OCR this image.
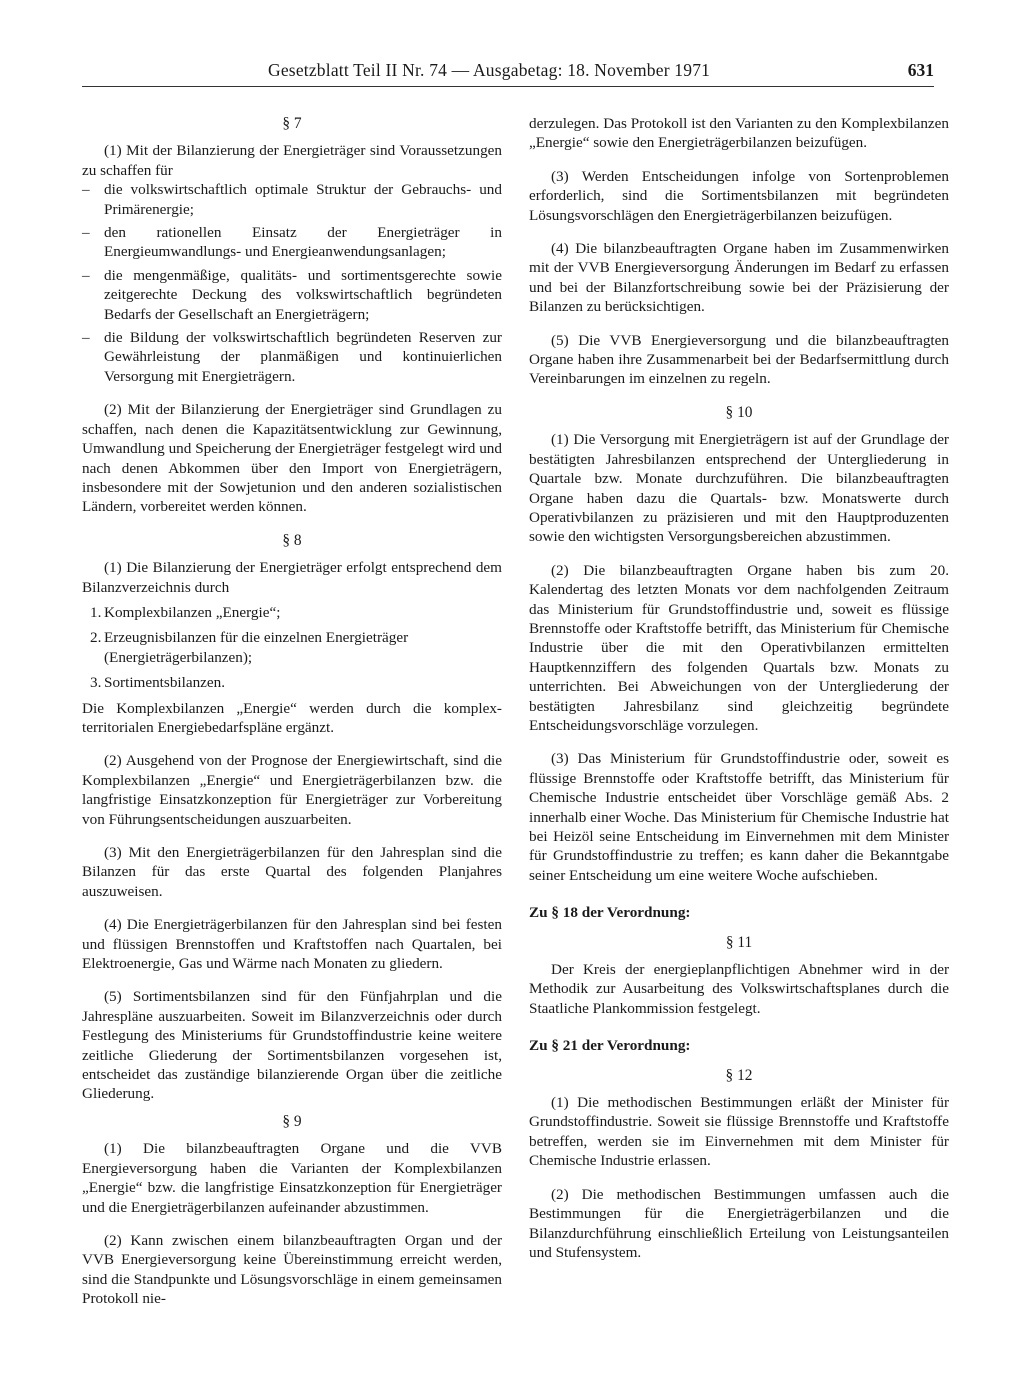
Gesetzblatt Teil II Nr. 74 — Ausgabetag: 18. November 1971	631
§ 7

(1) Mit der Bilanzierung der Energieträger sind Voraussetzungen zu schaffen für

– die volkswirtschaftlich optimale Struktur der Gebrauchs- und Primärenergie;
– den rationellen Einsatz der Energieträger in Energieumwandlungs- und Energieanwendungsanlagen;
– die mengenmäßige, qualitäts- und sortimentsgerechte sowie zeitgerechte Deckung des volkswirtschaftlich begründeten Bedarfs der Gesellschaft an Energieträgern;
– die Bildung der volkswirtschaftlich begründeten Reserven zur Gewährleistung der planmäßigen und kontinuierlichen Versorgung mit Energieträgern.

(2) Mit der Bilanzierung der Energieträger sind Grundlagen zu schaffen, nach denen die Kapazitätsentwicklung zur Gewinnung, Umwandlung und Speicherung der Energieträger festgelegt wird und nach denen Abkommen über den Import von Energieträgern, insbesondere mit der Sowjetunion und den anderen sozialistischen Ländern, vorbereitet werden können.

§ 8

(1) Die Bilanzierung der Energieträger erfolgt entsprechend dem Bilanzverzeichnis durch

1. Komplexbilanzen „Energie“;
2. Erzeugnisbilanzen für die einzelnen Energieträger (Energieträgerbilanzen);
3. Sortimentsbilanzen.

Die Komplexbilanzen „Energie“ werden durch die komplex-territorialen Energiebedarfspläne ergänzt.

(2) Ausgehend von der Prognose der Energiewirtschaft, sind die Komplexbilanzen „Energie“ und Energieträgerbilanzen bzw. die langfristige Einsatzkonzeption für Energieträger zur Vorbereitung von Führungsentscheidungen auszuarbeiten.

(3) Mit den Energieträgerbilanzen für den Jahresplan sind die Bilanzen für das erste Quartal des folgenden Planjahres auszuweisen.

(4) Die Energieträgerbilanzen für den Jahresplan sind bei festen und flüssigen Brennstoffen und Kraftstoffen nach Quartalen, bei Elektroenergie, Gas und Wärme nach Monaten zu gliedern.

(5) Sortimentsbilanzen sind für den Fünfjahrplan und die Jahrespläne auszuarbeiten. Soweit im Bilanzverzeichnis oder durch Festlegung des Ministeriums für Grundstoffindustrie keine weitere zeitliche Gliederung der Sortimentsbilanzen vorgesehen ist, entscheidet das zuständige bilanzierende Organ über die zeitliche Gliederung.

§ 9

(1) Die bilanzbeauftragten Organe und die VVB Energieversorgung haben die Varianten der Komplexbilanzen „Energie“ bzw. die langfristige Einsatzkonzeption für Energieträger und die Energieträgerbilanzen aufeinander abzustimmen.

(2) Kann zwischen einem bilanzbeauftragten Organ und der VVB Energieversorgung keine Übereinstimmung erreicht werden, sind die Standpunkte und Lösungsvorschläge in einem gemeinsamen Protokoll nie-

derzulegen. Das Protokoll ist den Varianten zu den Komplexbilanzen „Energie“ sowie den Energieträgerbilanzen beizufügen.

(3) Werden Entscheidungen infolge von Sortenproblemen erforderlich, sind die Sortimentsbilanzen mit begründeten Lösungsvorschlägen den Energieträgerbilanzen beizufügen.

(4) Die bilanzbeauftragten Organe haben im Zusammenwirken mit der VVB Energieversorgung Änderungen im Bedarf zu erfassen und bei der Bilanzfortschreibung sowie bei der Präzisierung der Bilanzen zu berücksichtigen.

(5) Die VVB Energieversorgung und die bilanzbeauftragten Organe haben ihre Zusammenarbeit bei der Bedarfsermittlung durch Vereinbarungen im einzelnen zu regeln.

§ 10

(1) Die Versorgung mit Energieträgern ist auf der Grundlage der bestätigten Jahresbilanzen entsprechend der Untergliederung in Quartale bzw. Monate durchzuführen. Die bilanzbeauftragten Organe haben dazu die Quartals- bzw. Monatswerte durch Operativbilanzen zu präzisieren und mit den Hauptproduzenten sowie den wichtigsten Versorgungsbereichen abzustimmen.

(2) Die bilanzbeauftragten Organe haben bis zum 20. Kalendertag des letzten Monats vor dem nachfolgenden Zeitraum das Ministerium für Grundstoffindustrie und, soweit es flüssige Brennstoffe oder Kraftstoffe betrifft, das Ministerium für Chemische Industrie über die mit den Operativbilanzen ermittelten Hauptkennziffern des folgenden Quartals bzw. Monats zu unterrichten. Bei Abweichungen von der Untergliederung der bestätigten Jahresbilanz sind gleichzeitig begründete Entscheidungsvorschläge vorzulegen.

(3) Das Ministerium für Grundstoffindustrie oder, soweit es flüssige Brennstoffe oder Kraftstoffe betrifft, das Ministerium für Chemische Industrie entscheidet über Vorschläge gemäß Abs. 2 innerhalb einer Woche. Das Ministerium für Chemische Industrie hat bei Heizöl seine Entscheidung im Einvernehmen mit dem Minister für Grundstoffindustrie zu treffen; es kann daher die Bekanntgabe seiner Entscheidung um eine weitere Woche aufschieben.

Zu § 18 der Verordnung:
§ 11

Der Kreis der energieplanpflichtigen Abnehmer wird in der Methodik zur Ausarbeitung des Volkswirtschaftsplanes durch die Staatliche Plankommission festgelegt.

Zu § 21 der Verordnung:
§ 12

(1) Die methodischen Bestimmungen erläßt der Minister für Grundstoffindustrie. Soweit sie flüssige Brennstoffe und Kraftstoffe betreffen, werden sie im Einvernehmen mit dem Minister für Chemische Industrie erlassen.

(2) Die methodischen Bestimmungen umfassen auch die Bestimmungen für die Energieträgerbilanzen und die Bilanzdurchführung einschließlich Erteilung von Leistungsanteilen und Stufensystem.
